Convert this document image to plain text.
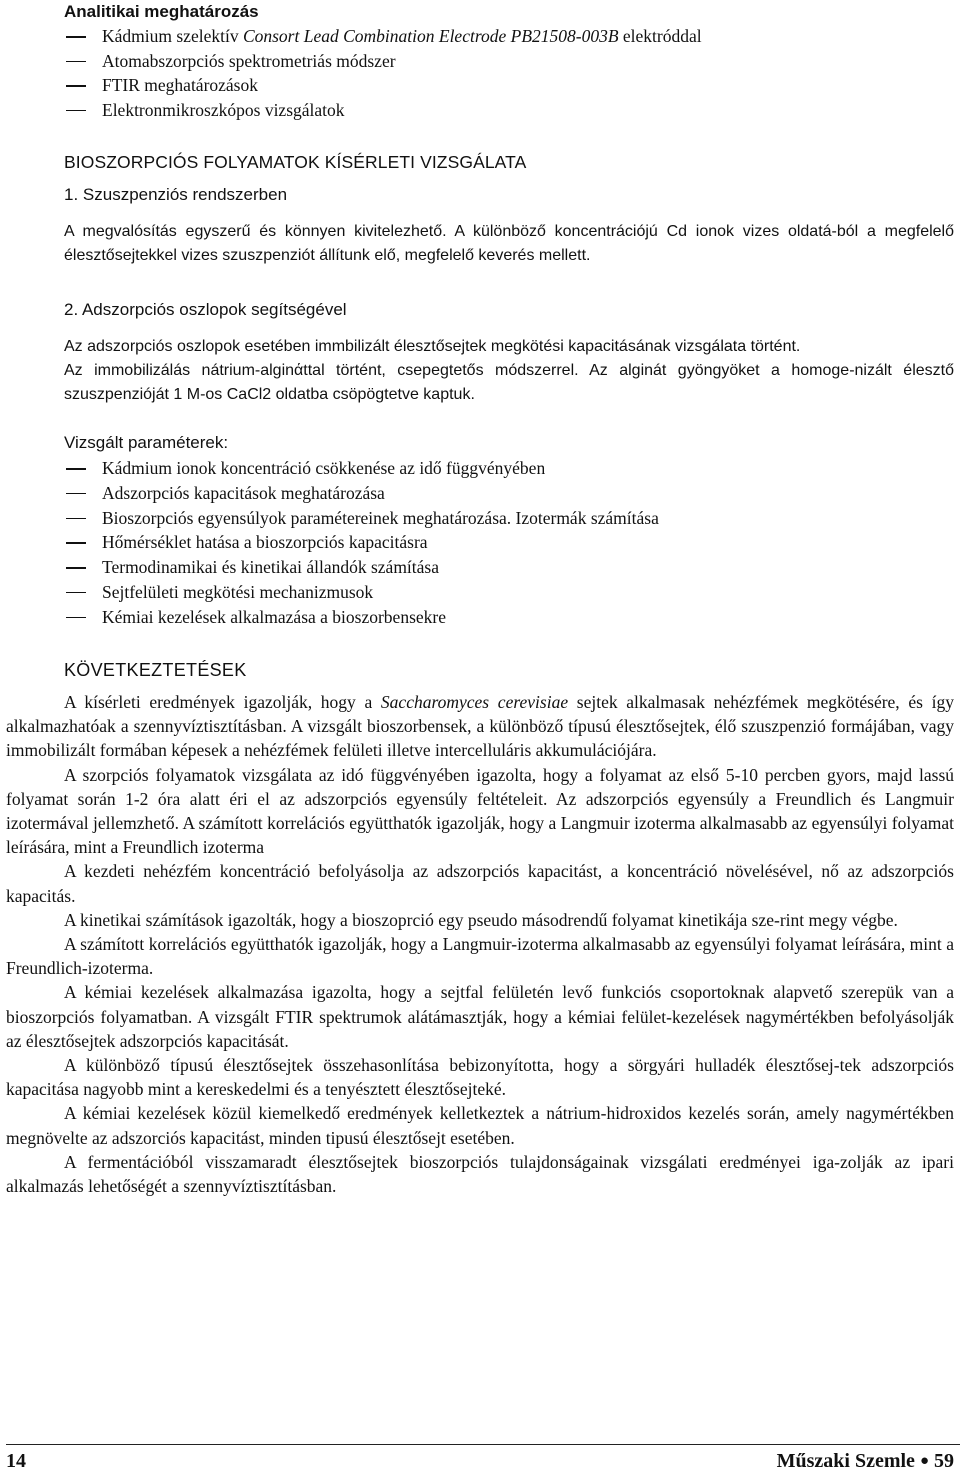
Analitikai meghatározás
Kádmium szelektív Consort Lead Combination Electrode PB21508-003B elektróddal
Atomabszorpciós spektrometriás módszer
FTIR meghatározások
Elektronmikroszkópos vizsgálatok
BIOSZORPCIÓS FOLYAMATOK KÍSÉRLETI VIZSGÁLATA
1. Szuszpenziós rendszerben

A megvalósítás egyszerű és könnyen kivitelezhető. A különböző koncentrációjú Cd ionok vizes oldatá-ból a megfelelő élesztősejtekkel vizes szuszpenziót állítunk elő, megfelelő keverés mellett.

2. Adszorpciós oszlopok segítségével

Az adszorpciós oszlopok esetében immbilizált élesztősejtek megkötési kapacitásának vizsgálata történt.

Az immobilizálás nátrium-alginάttal történt, csepegtetős módszerrel. Az alginát gyöngyöket a homoge-nizált élesztő szuszpenzióját 1 M-os CaCl2 oldatba csöpögtetve kaptuk.

Vizsgált paraméterek:
Kádmium ionok koncentráció csökkenése az idő függvényében
Adszorpciós kapacitások meghatározása
Bioszorpciós egyensúlyok paramétereinek meghatározása. Izotermák számítása
Hőmérséklet hatása a bioszorpciós kapacitásra
Termodinamikai és kinetikai állandók számítása
Sejtfelületi megkötési mechanizmusok
Kémiai kezelések alkalmazása a bioszorbensekre
KÖVETKEZTETÉSEK

A kísérleti eredmények igazolják, hogy a Saccharomyces cerevisiae sejtek alkalmasak nehézfémek megkötésére, és így alkalmazhatóak a szennyvíztisztításban. A vizsgált bioszorbensek, a különböző típusú élesztősejtek, élő szuszpenzió formájában, vagy immobilizált formában képesek a nehézfémek felületi illetve intercelluláris akkumulációjára.

A szorpciós folyamatok vizsgálata az idó függvényében igazolta, hogy a folyamat az első 5-10 percben gyors, majd lassú folyamat során 1-2 óra alatt éri el az adszorpciós egyensúly feltételeit. Az adszorpciós egyensúly a Freundlich és Langmuir izotermával jellemzhető. A számított korrelációs együtthatók igazolják, hogy a Langmuir izoterma alkalmasabb az egyensúlyi folyamat leírására, mint a Freundlich izoterma

A kezdeti nehézfém koncentráció befolyásolja az adszorpciós kapacitást, a koncentráció növelésével, nő az adszorpciós kapacitás.

A kinetikai számítások igazolták, hogy a bioszoprció egy pseudo másodrendű folyamat kinetikája sze-rint megy végbe.

A számított korrelációs együtthatók igazolják, hogy a Langmuir-izoterma alkalmasabb az egyensúlyi folyamat leírására, mint a Freundlich-izoterma.

A kémiai kezelések alkalmazása igazolta, hogy a sejtfal felületén levő funkciós csoportoknak alapvető szerepük van a bioszorpciós folyamatban. A vizsgált FTIR spektrumok alátámasztják, hogy a kémiai felület-kezelések nagymértékben befolyásolják az élesztősejtek adszorpciós kapacitását.

A különböző típusú élesztősejtek összehasonlítása bebizonyította, hogy a sörgyári hulladék élesztősej-tek adszorpciós kapacitása nagyobb mint a kereskedelmi és a tenyésztett élesztősejteké.

A kémiai kezelések közül kiemelkedő eredmények kelletkeztek a nátrium-hidroxidos kezelés során, amely nagymértékben megnövelte az adszorciós kapacitást, minden tipusú élesztősejt esetében.

A fermentációból visszamaradt élesztősejtek bioszorpciós tulajdonságainak vizsgálati eredményei iga-zolják az ipari alkalmazás lehetőségét a szennyvíztisztításban.

14	Műszaki Szemle ● 59
